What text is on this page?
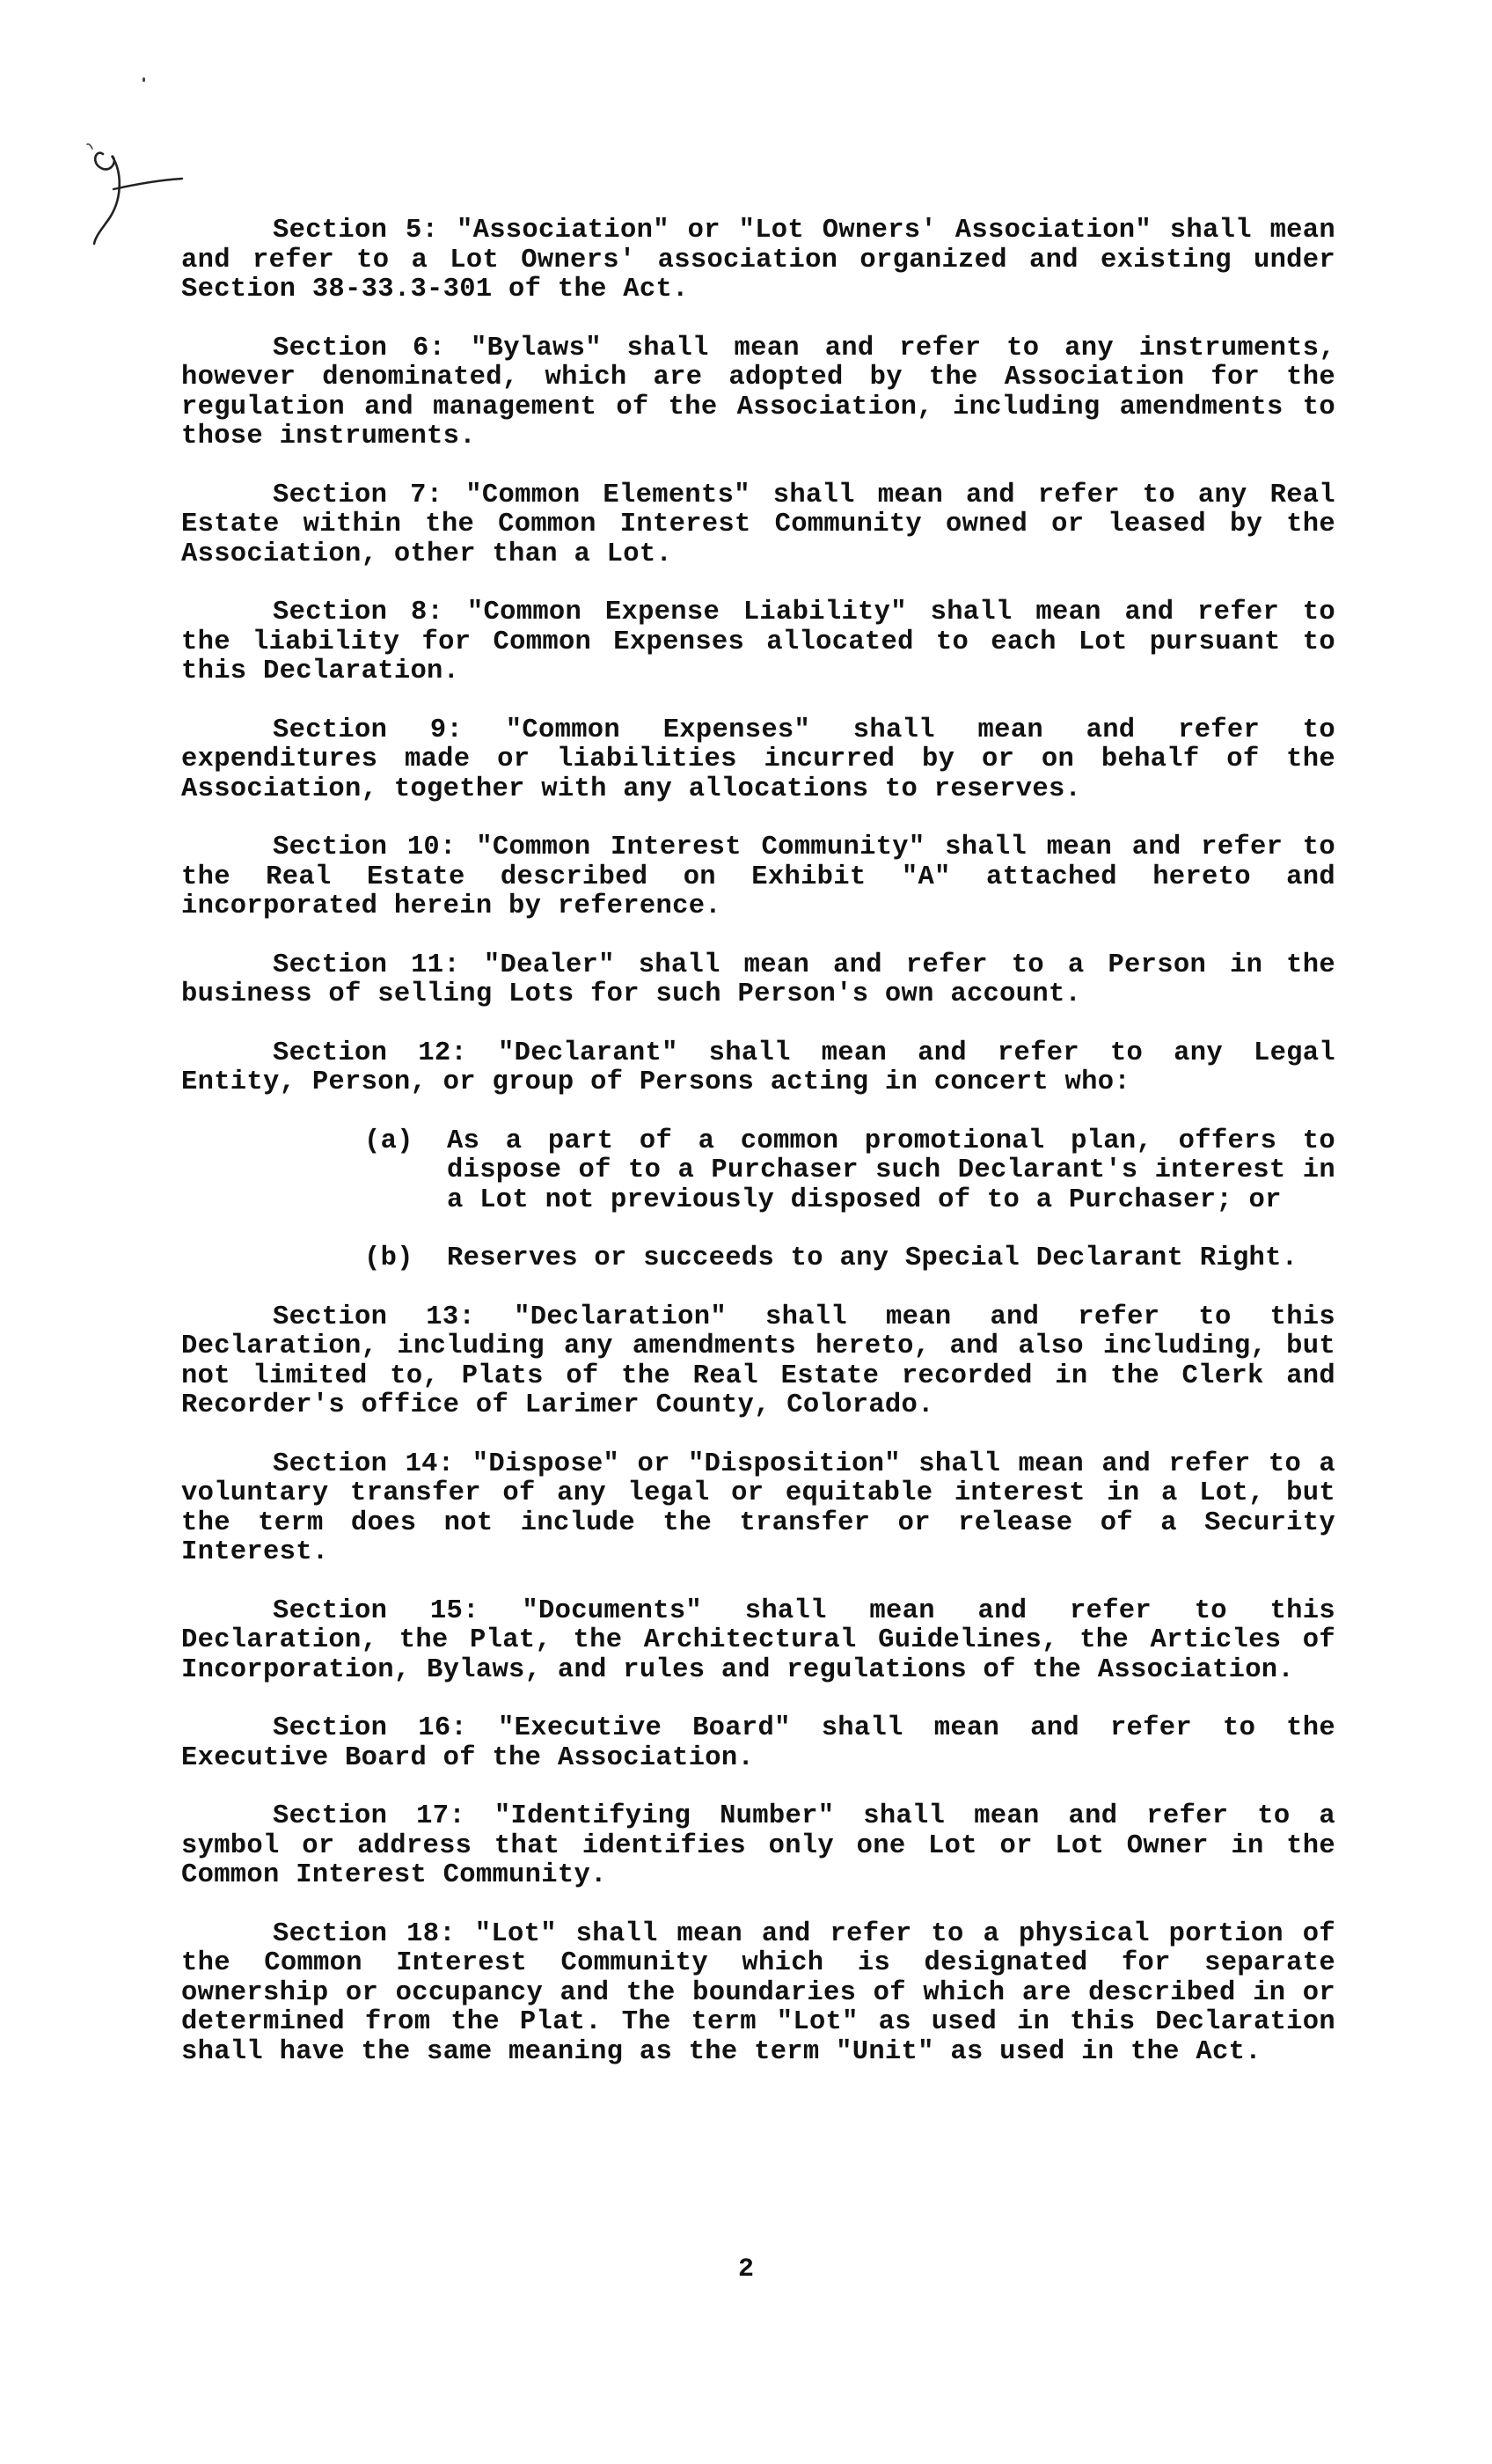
Section 5: "Association" or "Lot Owners' Association" shall mean and refer to a Lot Owners' association organized and existing under Section 38-33.3-301 of the Act.

Section 6: "Bylaws" shall mean and refer to any instruments, however denominated, which are adopted by the Association for the regulation and management of the Association, including amendments to those instruments.

Section 7: "Common Elements" shall mean and refer to any Real Estate within the Common Interest Community owned or leased by the Association, other than a Lot.

Section 8: "Common Expense Liability" shall mean and refer to the liability for Common Expenses allocated to each Lot pursuant to this Declaration.

Section 9: "Common Expenses" shall mean and refer to expenditures made or liabilities incurred by or on behalf of the Association, together with any allocations to reserves.

Section 10: "Common Interest Community" shall mean and refer to the Real Estate described on Exhibit "A" attached hereto and incorporated herein by reference.

Section 11: "Dealer" shall mean and refer to a Person in the business of selling Lots for such Person's own account.

Section 12: "Declarant" shall mean and refer to any Legal Entity, Person, or group of Persons acting in concert who:

(a)	As a part of a common promotional plan, offers to dispose of to a Purchaser such Declarant's interest in a Lot not previously disposed of to a Purchaser; or
(b)	Reserves or succeeds to any Special Declarant Right.

Section 13: "Declaration" shall mean and refer to this Declaration, including any amendments hereto, and also including, but not limited to, Plats of the Real Estate recorded in the Clerk and Recorder's office of Larimer County, Colorado.

Section 14: "Dispose" or "Disposition" shall mean and refer to a voluntary transfer of any legal or equitable interest in a Lot, but the term does not include the transfer or release of a Security Interest.

Section 15: "Documents" shall mean and refer to this Declaration, the Plat, the Architectural Guidelines, the Articles of Incorporation, Bylaws, and rules and regulations of the Association.

Section 16: "Executive Board" shall mean and refer to the Executive Board of the Association.

Section 17: "Identifying Number" shall mean and refer to a symbol or address that identifies only one Lot or Lot Owner in the Common Interest Community.

Section 18: "Lot" shall mean and refer to a physical portion of the Common Interest Community which is designated for separate ownership or occupancy and the boundaries of which are described in or determined from the Plat. The term "Lot" as used in this Declaration shall have the same meaning as the term "Unit" as used in the Act.

2
